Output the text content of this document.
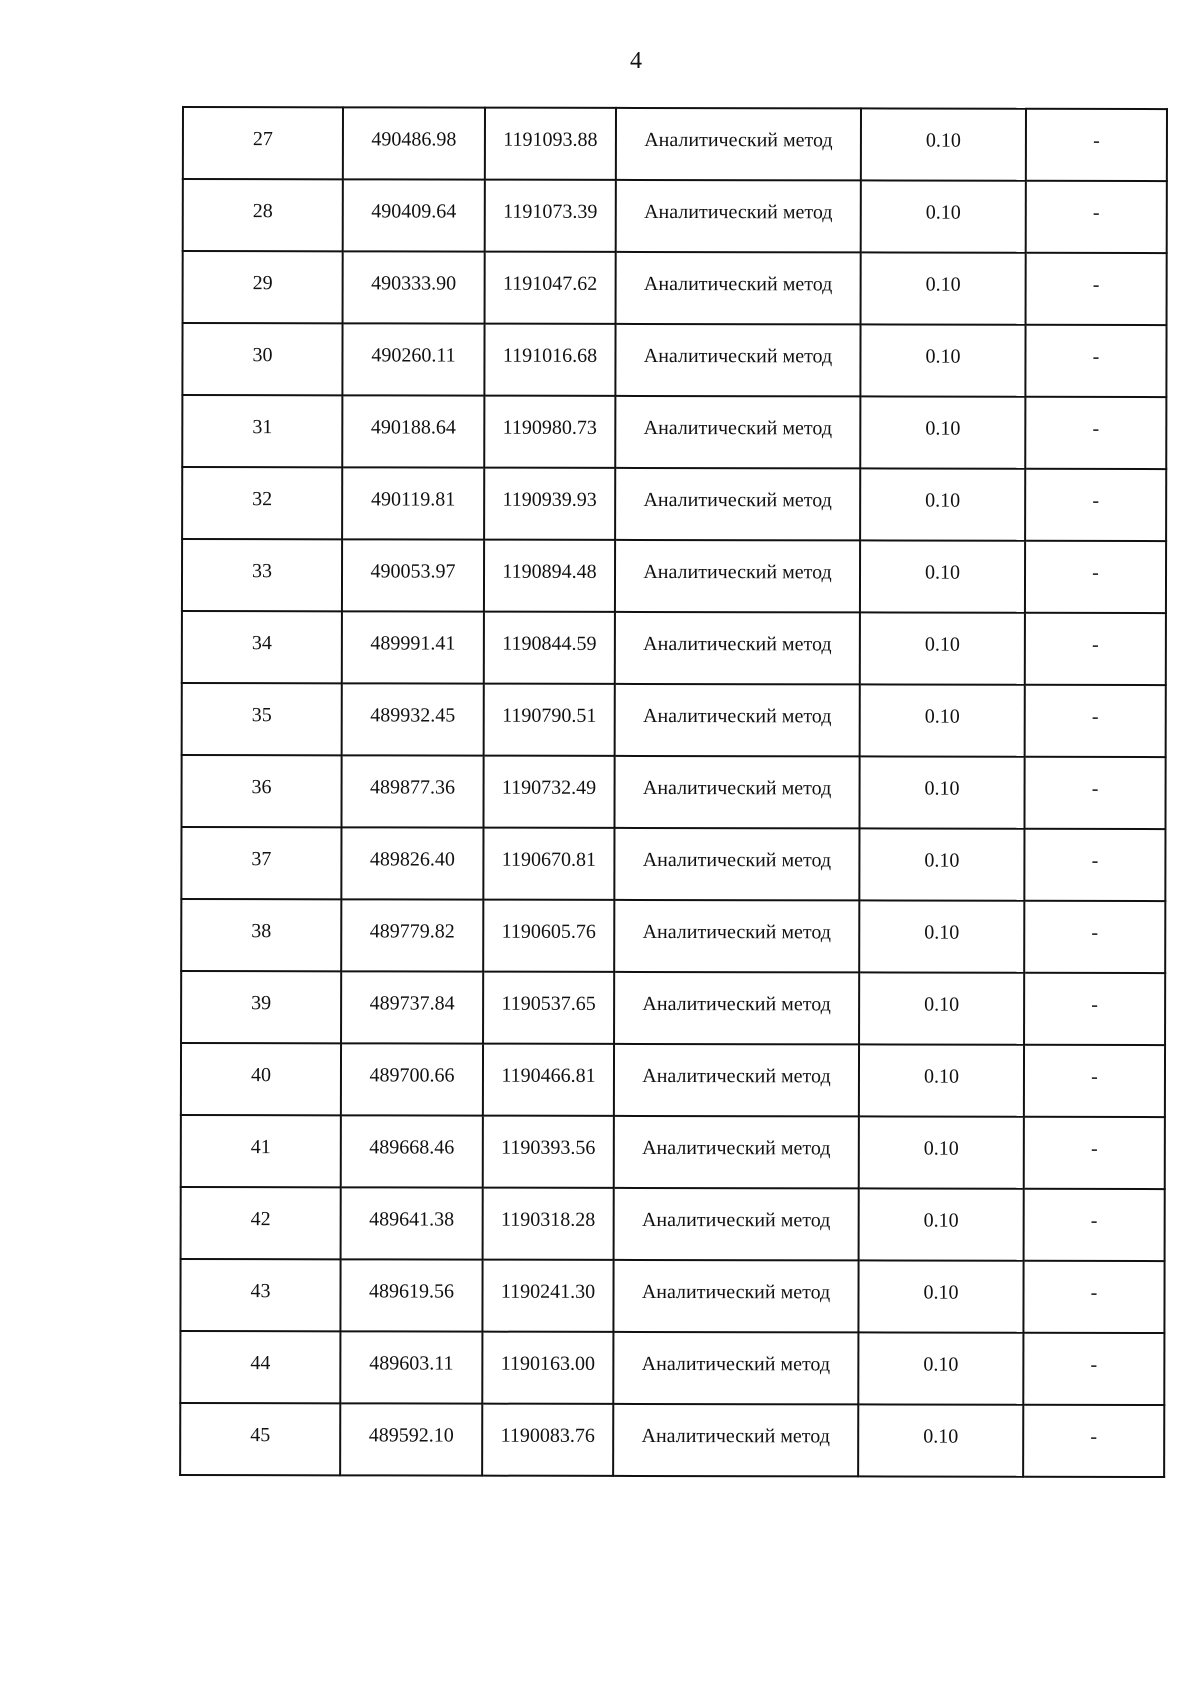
4
27	490486.98	1191093.88	Аналитический метод	0.10	-
28	490409.64	1191073.39	Аналитический метод	0.10	-
29	490333.90	1191047.62	Аналитический метод	0.10	-
30	490260.11	1191016.68	Аналитический метод	0.10	-
31	490188.64	1190980.73	Аналитический метод	0.10	-
32	490119.81	1190939.93	Аналитический метод	0.10	-
33	490053.97	1190894.48	Аналитический метод	0.10	-
34	489991.41	1190844.59	Аналитический метод	0.10	-
35	489932.45	1190790.51	Аналитический метод	0.10	-
36	489877.36	1190732.49	Аналитический метод	0.10	-
37	489826.40	1190670.81	Аналитический метод	0.10	-
38	489779.82	1190605.76	Аналитический метод	0.10	-
39	489737.84	1190537.65	Аналитический метод	0.10	-
40	489700.66	1190466.81	Аналитический метод	0.10	-
41	489668.46	1190393.56	Аналитический метод	0.10	-
42	489641.38	1190318.28	Аналитический метод	0.10	-
43	489619.56	1190241.30	Аналитический метод	0.10	-
44	489603.11	1190163.00	Аналитический метод	0.10	-
45	489592.10	1190083.76	Аналитический метод	0.10	-
